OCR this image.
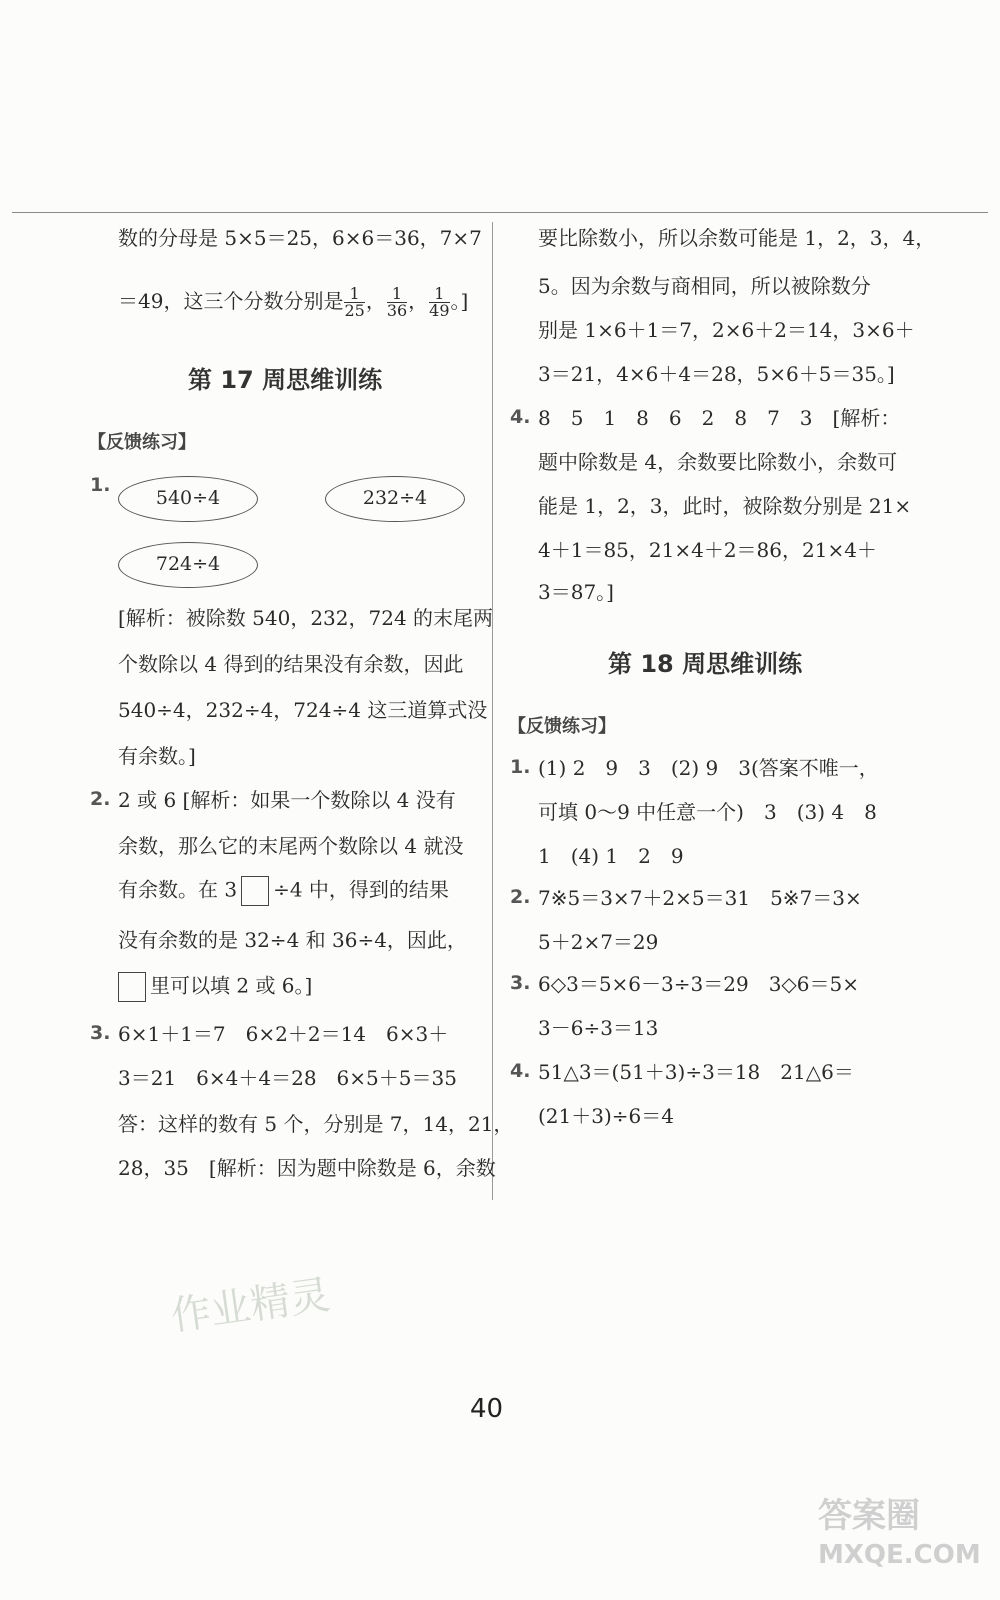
数的分母是 5×5＝25，6×6＝36，7×7
＝49，这三个分数分别是 $\frac{1}{25}$ ， $\frac{1}{36}$ ， $\frac{1}{49}$ 。]
第 17 周思维训练
【反馈练习】
1.
540÷4	232÷4
724÷4
[解析：被除数 540，232，724 的末尾两
个数除以 4 得到的结果没有余数，因此
540÷4，232÷4，724÷4 这三道算式没
有余数。]
2. 2 或 6 [解析：如果一个数除以 4 没有
余数，那么它的末尾两个数除以 4 就没
有余数。在 3 ÷4 中，得到的结果
没有余数的是 32÷4 和 36÷4，因此，
里可以填 2 或 6。]
3. 6×1＋1＝7　6×2＋2＝14　6×3＋
3＝21　6×4＋4＝28　6×5＋5＝35
答：这样的数有 5 个，分别是 7，14，21，
28，35　[解析：因为题中除数是 6，余数
要比除数小，所以余数可能是 1，2，3，4，
5。因为余数与商相同，所以被除数分
别是 1×6＋1＝7，2×6＋2＝14，3×6＋
3＝21，4×6＋4＝28，5×6＋5＝35。]
4. 8　5　1　8　6　2　8　7　3　[解析：
题中除数是 4，余数要比除数小，余数可
能是 1，2，3，此时，被除数分别是 21×
4＋1＝85，21×4＋2＝86，21×4＋
3＝87。]
第 18 周思维训练
【反馈练习】
1. (1) 2　9　3　(2) 9　3(答案不唯一，
可填 0～9 中任意一个)　3　(3) 4　8
1　(4) 1　2　9
2. 7※5＝3×7＋2×5＝31　5※7＝3×
5＋2×7＝29
3. 6◇3＝5×6－3÷3＝29　3◇6＝5×
3－6÷3＝13
4. 51△3＝(51＋3)÷3＝18　21△6＝
(21＋3)÷6＝4
作业精灵
40
答案圈
MXQE.COM
